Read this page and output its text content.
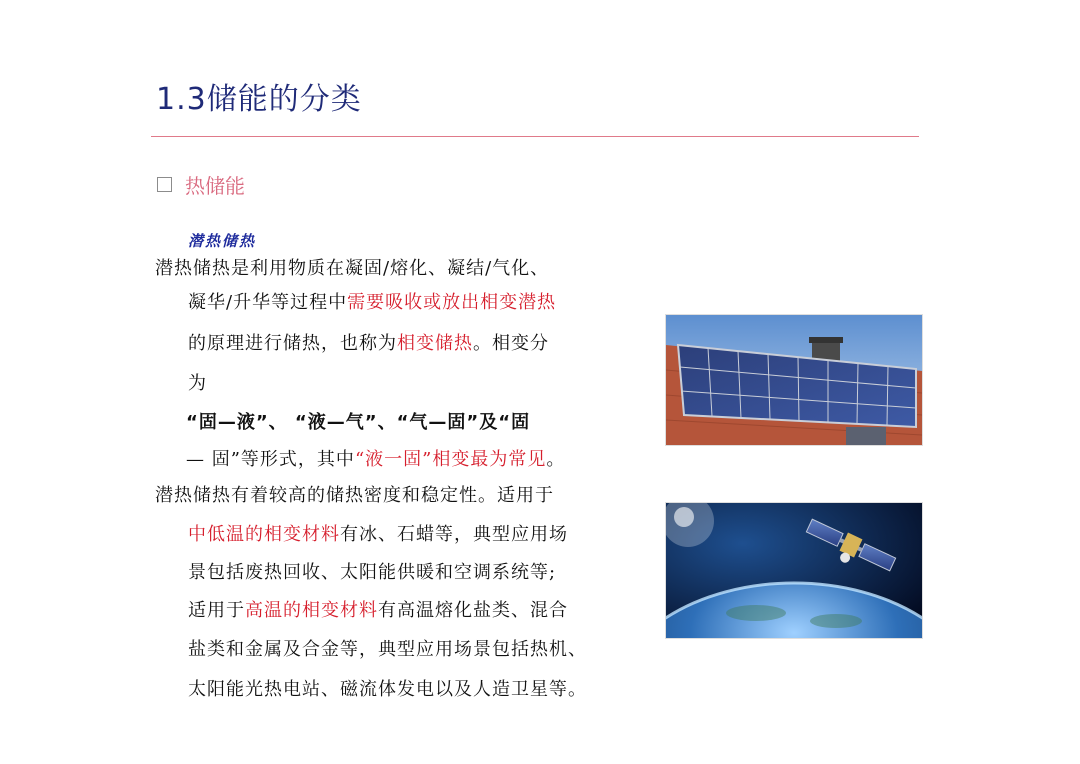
1.3储能的分类
热储能
潜热储热
潜热储热是利用物质在凝固/熔化、凝结/气化、
凝华/升华等过程中需要吸收或放出相变潜热
的原理进行储热，也称为相变储热。相变分
为
“固—液”、 “液—气”、“气—固”及“固
— 固”等形式，其中“液一固”相变最为常见。
潜热储热有着较高的储热密度和稳定性。适用于
中低温的相变材料有冰、石蜡等，典型应用场
景包括废热回收、太阳能供暖和空调系统等;
适用于高温的相变材料有高温熔化盐类、混合
盐类和金属及合金等，典型应用场景包括热机、
太阳能光热电站、磁流体发电以及人造卫星等。
